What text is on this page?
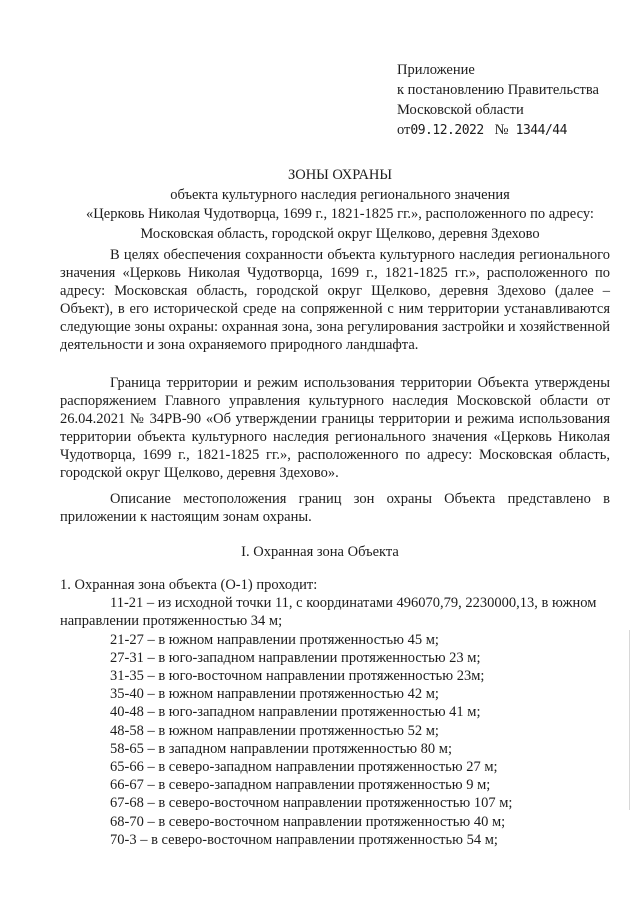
Приложение
к постановлению Правительства
Московской области
от09.12.2022 № 1344/44
ЗОНЫ ОХРАНЫ
объекта культурного наследия регионального значения
«Церковь Николая Чудотворца, 1699 г., 1821-1825 гг.», расположенного по адресу:
Московская область, городской округ Щелково, деревня Здехово

В целях обеспечения сохранности объекта культурного наследия регионального значения «Церковь Николая Чудотворца, 1699 г., 1821-1825 гг.», расположенного по адресу: Московская область, городской округ Щелково, деревня Здехово (далее – Объект), в его исторической среде на сопряженной с ним территории устанавливаются следующие зоны охраны: охранная зона, зона регулирования застройки и хозяйственной деятельности и зона охраняемого природного ландшафта.

Граница территории и режим использования территории Объекта утверждены распоряжением Главного управления культурного наследия Московской области от 26.04.2021 № 34РВ-90 «Об утверждении границы территории и режима использования территории объекта культурного наследия регионального значения «Церковь Николая Чудотворца, 1699 г., 1821-1825 гг.», расположенного по адресу: Московская область, городской округ Щелково, деревня Здехово».

Описание местоположения границ зон охраны Объекта представлено в приложении к настоящим зонам охраны.

I. Охранная зона Объекта
1. Охранная зона объекта (О-1) проходит:
11-21 – из исходной точки 11, с координатами 496070,79, 2230000,13, в южном направлении протяженностью 34 м;
21-27 – в южном направлении протяженностью 45 м;
27-31 – в юго-западном направлении протяженностью 23 м;
31-35 – в юго-восточном направлении протяженностью 23м;
35-40 – в южном направлении протяженностью 42 м;
40-48 – в юго-западном направлении протяженностью 41 м;
48-58 – в южном направлении протяженностью 52 м;
58-65 – в западном направлении протяженностью 80 м;
65-66 – в северо-западном направлении протяженностью 27 м;
66-67 – в северо-западном направлении протяженностью 9 м;
67-68 – в северо-восточном направлении протяженностью 107 м;
68-70 – в северо-восточном направлении протяженностью 40 м;
70-3 – в северо-восточном направлении протяженностью 54 м;
